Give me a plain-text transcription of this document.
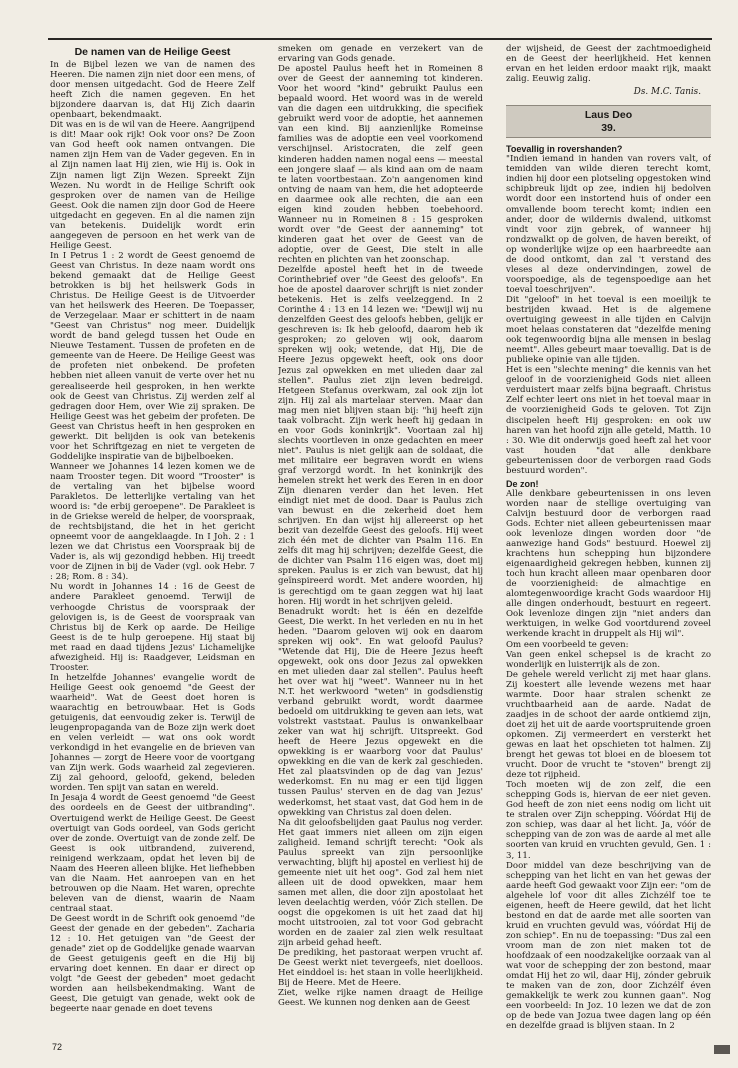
De namen van de Heilige Geest

In de Bijbel lezen we van de namen des Heeren. Die namen zijn niet door een mens, of door mensen uitgedacht. God de Heere Zelf heeft Zich die namen gegeven. En het bijzondere daarvan is, dat Hij Zich daarin openbaart, bekendmaakt.

Dit was en is de wil van de Heere. Aangrijpend is dit! Maar ook rijk! Ook voor ons? De Zoon van God heeft ook namen ontvangen. Die namen zijn Hem van de Vader gegeven. En in al Zijn namen laat Hij zien, wie Hij is. Ook in Zijn namen ligt Zijn Wezen. Spreekt Zijn Wezen. Nu wordt in de Heilige Schrift ook gesproken over de namen van de Heilige Geest. Ook die namen zijn door God de Heere uitgedacht en gegeven. En al die namen zijn van betekenis. Duidelijk wordt erin aangegeven de persoon en het werk van de Heilige Geest.

In I Petrus 1 : 2 wordt de Geest genoemd de Geest van Christus. In deze naam wordt ons bekend gemaakt dat de Heilige Geest betrokken is bij het heilswerk Gods in Christus. De Heilige Geest is de Uitvoerder van het heilswerk des Heeren. De Toepasser, de Verzegelaar. Maar er schittert in de naam "Geest van Christus" nog meer. Duidelijk wordt de band gelegd tussen het Oude en Nieuwe Testament. Tussen de profeten en de gemeente van de Heere. De Heilige Geest was de profeten niet onbekend. De profeten hebben niet alleen vanuit de verte over het nu gerealiseerde heil gesproken, in hen werkte ook de Geest van Christus. Zij werden zelf al gedragen door Hem, over Wie zij spraken. De Heilige Geest was het gebeim der profeten. De Geest van Christus heeft in hen gesproken en gewerkt. Dit belijden is ook van betekenis voor het Schriftgezag en niet te vergeten de Goddelijke inspiratie van de bijbelboeken.

Wanneer we Johannes 14 lezen komen we de naam Trooster tegen. Dit woord "Trooster" is de vertaling van het bijbelse woord Parakletos. De letterlijke vertaling van het woord is: "de erbij geroepene". De Parakleet is in de Griekse wereld de helper, de voorspraak, de rechtsbijstand, die het in het gericht opneemt voor de aangeklaagde. In I Joh. 2 : 1 lezen we dat Christus een Voorspraak bij de Vader is, als wij gezondigd hebben. Hij treedt voor de Zijnen in bij de Vader (vgl. ook Hebr. 7 : 28; Rom. 8 : 34).

Nu wordt in Johannes 14 : 16 de Geest de andere Parakleet genoemd. Terwijl de verhoogde Christus de voorspraak der gelovigen is, is de Geest de voorspraak van Christus bij de Kerk op aarde. De Heilige Geest is de te hulp geroepene. Hij staat bij met raad en daad tijdens Jezus' Lichamelijke afwezigheid. Hij is: Raadgever, Leidsman en Trooster.

In hetzelfde Johannes' evangelie wordt de Heilige Geest ook genoemd "de Geest der waarheid". Wat de Geest doet horen is waarachtig en betrouwbaar. Het is Gods getuigenis, dat eenvoudig zeker is. Terwijl de leugenpropaganda van de Boze zijn werk doet en velen verleidt — wat ons ook wordt verkondigd in het evangelie en de brieven van Johannes — zorgt de Heere voor de voortgang van Zijn werk. Gods waarheid zal zegevieren. Zij zal gehoord, geloofd, gekend, beleden worden. Ten spijt van satan en wereld.

In Jesaja 4 wordt de Geest genoemd "de Geest des oordeels en de Geest der uitbranding". Overtuigend werkt de Heilige Geest. De Geest overtuigt van Gods oordeel, van Gods gericht over de zonde. Overtuigt van de zonde zelf. De Geest is ook uitbrandend, zuiverend, reinigend werkzaam, opdat het leven bij de Naam des Heeren alleen blijke. Het liefhebben van die Naam. Het aanroepen van en het betrouwen op die Naam. Het waren, oprechte beleven van de dienst, waarin de Naam centraal staat.

De Geest wordt in de Schrift ook genoemd "de Geest der genade en der gebeden". Zacharia 12 : 10. Het getuigen van "de Geest der genade" ziet op de Goddelijke genade waarvan de Geest getuigenis geeft en die Hij bij ervaring doet kennen. En daar er direct op volgt "de Geest der gebeden" moet gedacht worden aan heilsbekendmaking. Want de Geest, Die getuigt van genade, wekt ook de begeerte naar genade en doet tevens

smeken om genade en verzekert van de ervaring van Gods genade.

De apostel Paulus heeft het in Romeinen 8 over de Geest der aanneming tot kinderen. Voor het woord "kind" gebruikt Paulus een bepaald woord. Het woord was in de wereld van die dagen een uitdrukking, die specifiek gebruikt werd voor de adoptie, het aannemen van een kind. Bij aanzienlijke Romeinse families was de adoptie een veel voorkomend verschijnsel. Aristocraten, die zelf geen kinderen hadden namen nogal eens — meestal een jongere slaaf — als kind aan om de naam te laten voortbestaan. Zo'n aangenomen kind ontving de naam van hem, die het adopteerde en daarmee ook alle rechten, die aan een eigen kind zouden hebben toebehoord. Wanneer nu in Romeinen 8 : 15 gesproken wordt over "de Geest der aanneming" tot kinderen gaat het over de Geest van de adoptie, over de Geest, Die stelt in alle rechten en plichten van het zoonschap.

Dezelfde apostel heeft het in de tweede Corinthebrief over "de Geest des geloofs". En hoe de apostel daarover schrijft is niet zonder betekenis. Het is zelfs veelzeggend. In 2 Corinthe 4 : 13 en 14 lezen we: "Dewijl wij nu denzelfden Geest des geloofs hebben, gelijk er geschreven is: Ik heb geloofd, daarom heb ik gesproken; zo geloven wij ook, daarom spreken wij ook; wetende, dat Hij, Die de Heere Jezus opgewekt heeft, ook ons door Jezus zal opwekken en met ulieden daar zal stellen". Paulus ziet zijn leven bedreigd. Hetgeen Stefanus overkwam, zal ook zijn lot zijn. Hij zal als martelaar sterven. Maar dan mag men niet blijven staan bij: "hij heeft zijn taak volbracht. Zijn werk heeft hij gedaan in en voor Gods koninkrijk". Voortaan zal hij slechts voortleven in onze gedachten en meer niet". Paulus is niet gelijk aan de soldaat, die met militaire eer begraven wordt en wiens graf verzorgd wordt. In het koninkrijk des hemelen strekt het werk des Eeren in en door Zijn dienaren verder dan het leven. Het eindigt niet met de dood. Daar is Paulus zich van bewust en die zekerheid doet hem schrijven. En dan wijst hij allereerst op het bezit van dezelfde Geest des geloofs. Hij weet zich één met de dichter van Psalm 116. En zelfs dit mag hij schrijven; dezelfde Geest, die de dichter van Psalm 116 eigen was, doet mij spreken. Paulus is er zich van bewust, dat hij geïnspireerd wordt. Met andere woorden, hij is gerechtigd om te gaan zeggen wat hij laat horen. Hij wordt in het schrijven geleid.

Benadrukt wordt: het is één en dezelfde Geest, Die werkt. In het verleden en nu in het heden. "Daarom geloven wij ook en daarom spreken wij ook". En wat geloofd Paulus? "Wetende dat Hij, Die de Heere Jezus heeft opgewekt, ook ons door Jezus zal opwekken en met ulieden daar zal stellen". Paulus heeft het over wat hij "weet". Wanneer nu in het N.T. het werkwoord "weten" in godsdienstig verband gebruikt wordt, wordt daarmee bedoeld om uitdrukking te geven aan iets, wat volstrekt vaststaat. Paulus is onwankelbaar zeker van wat hij schrijft. Uitspreekt. God heeft de Heere Jezus opgewekt en die opwekking is er waarborg voor dat Paulus' opwekking en die van de kerk zal geschieden. Het zal plaatsvinden op de dag van Jezus' wederkomst. En nu mag er een tijd liggen tussen Paulus' sterven en de dag van Jezus' wederkomst, het staat vast, dat God hem in de opwekking van Christus zal doen delen.

Na dit geloofsbelijden gaat Paulus nog verder. Het gaat immers niet alleen om zijn eigen zaligheid. Iemand schrijft terecht: "Ook als Paulus spreekt van zijn persoonlijke verwachting, blijft hij apostel en verliest hij de gemeente niet uit het oog". God zal hem niet alleen uit de dood opwekken, maar hem samen met allen, die door zijn apostolaat het leven deelachtig werden, vóór Zich stellen. De oogst die opgekomen is uit het zaad dat hij mocht uitstrooien, zal tot voor God gebracht worden en de zaaier zal zien welk resultaat zijn arbeid gehad heeft.

De prediking, het pastoraat werpen vrucht af. De Geest werkt niet tevergeefs, niet doelloos. Het einddoel is: het staan in volle heerlijkheid. Bij de Heere. Met de Heere.

Ziet, welke rijke namen draagt de Heilige Geest. We kunnen nog denken aan de Geest

der wijsheid, de Geest der zachtmoedigheid en de Geest der heerlijkheid. Het kennen ervan en het leiden erdoor maakt rijk, maakt zalig. Eeuwig zalig.

Ds. M.C. Tanis.

Laus Deo
39.

Toevallig in rovershanden?

"Indien iemand in handen van rovers valt, of temidden van wilde dieren terecht komt, indien hij door een plotseling opgestoken wind schipbreuk lijdt op zee, indien hij bedolven wordt door een instortend huis of onder een omvallende boom terecht komt; indien een ander, door de wildernis dwalend, uitkomst vindt voor zijn gebrek, of wanneer hij rondzwalkt op de golven, de haven bereikt, of op wonderlijke wijze op een haarbreedte aan de dood ontkomt, dan zal 't verstand des vleses al deze ondervindingen, zowel de voorspoedige, als de tegenspoedige aan het toeval toeschrijven".

Dit "geloof" in het toeval is een moeilijk te bestrijden kwaad. Het is de algemene overtuiging geweest in alle tijden en Calvijn moet helaas constateren dat "dezelfde mening ook tegenwoordig bijna alle mensen in beslag neemt". Alles gebeurt maar toevallig. Dat is de publieke opinie van alle tijden.

Het is een "slechte mening" die kennis van het geloof in de voorzienigheid Gods niet alleen verduistert maar zelfs bijna begraaft. Christus Zelf echter leert ons niet in het toeval maar in de voorzienigheid Gods te geloven. Tot Zijn discipelen heeft Hij gesproken: en ook uw haren van het hoofd zijn alle geteld, Matth. 10 : 30. Wie dit onderwijs goed heeft zal het voor vast houden "dat alle denkbare gebeurtenissen door de verborgen raad Gods bestuurd worden".

De zon!

Alle denkbare gebeurtenissen in ons leven worden naar de stellige overtuiging van Calvijn bestuurd door de verborgen raad Gods. Echter niet alleen gebeurtenissen maar ook levenloze dingen worden door "de aanwezige hand Gods" bestuurd. Hoewel zij krachtens hun schepping hun bijzondere eigenaardigheid gekregen hebben, kunnen zij toch hun kracht alleen maar openbaren door de voorzienigheid: de almachtige en alomtegenwoordige kracht Gods waardoor Hij alle dingen onderhoudt, bestuurt en regeert. Ook levenloze dingen zijn "niet anders dan werktuigen, in welke God voortdurend zoveel werkende kracht in druppelt als Hij wil".

Om een voorbeeld te geven:

Van geen enkel schepsel is de kracht zo wonderlijk en luisterrijk als de zon.

De gehele wereld verlicht zij met haar glans. Zij koestert alle levende wezens met haar warmte. Door haar stralen schenkt ze vruchtbaarheid aan de aarde. Nadat de zaadjes in de schoot der aarde ontkiemd zijn, doet zij het uit de aarde voortspruitende groen opkomen. Zij vermeerdert en versterkt het gewas en laat het opschieten tot halmen. Zij brengt het gewas tot bloei en de bloesem tot vrucht. Door de vrucht te "stoven" brengt zij deze tot rijpheid.

Toch moeten wij de zon zelf, die een schepping Gods is, hiervan de eer niet geven. God heeft de zon niet eens nodig om licht uit te stralen over Zijn schepping. Vóórdat Hij de zon schiep, was daar al het licht. Ja, vóór de schepping van de zon was de aarde al met alle soorten van kruid en vruchten gevuld, Gen. 1 : 3, 11.

Door middel van deze beschrijving van de schepping van het licht en van het gewas der aarde heeft God gewaakt voor Zijn eer: "om de algehele lof voor dit alles Zichzélf toe te eigenen, heeft de Heere gewild, dat het licht bestond en dat de aarde met alle soorten van kruid en vruchten gevuld was, vóórdat Hij de zon schiep". En nu de toepassing: "Dus zal een vroom man de zon niet maken tot de hoofdzaak of een noodzakelijke oorzaak van al wat voor de schepping der zon bestond, maar omdat Hij het zo wil, daar Hij, zónder gebruik te maken van de zon, door Zichzélf éven gemakkelijk te werk zou kunnen gaan". Nog een voorbeeld: In Joz. 10 lezen we dat de zon op de bede van Jozua twee dagen lang op één en dezelfde graad is blijven staan. In 2

72
